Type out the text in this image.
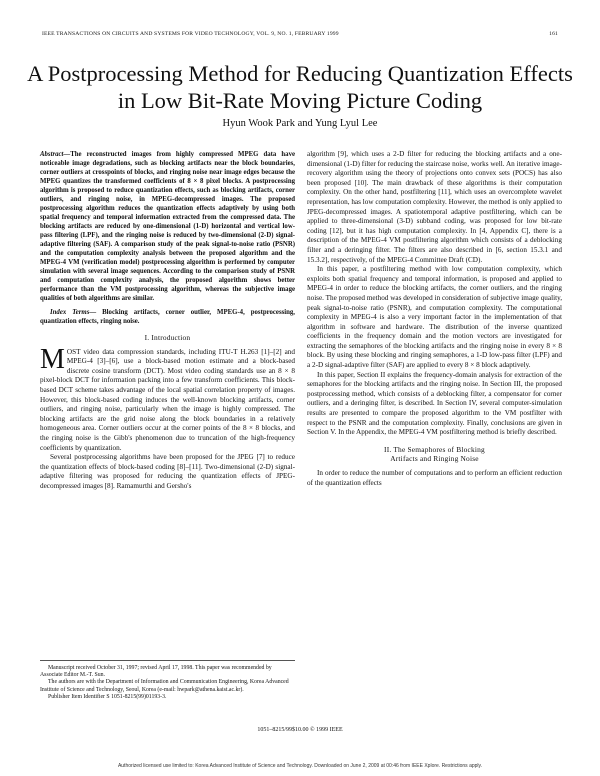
IEEE TRANSACTIONS ON CIRCUITS AND SYSTEMS FOR VIDEO TECHNOLOGY, VOL. 9, NO. 1, FEBRUARY 1999	161
A Postprocessing Method for Reducing Quantization Effects in Low Bit-Rate Moving Picture Coding
Hyun Wook Park and Yung Lyul Lee
Abstract—The reconstructed images from highly compressed MPEG data have noticeable image degradations, such as blocking artifacts near the block boundaries, corner outliers at crosspoints of blocks, and ringing noise near image edges because the MPEG quantizes the transformed coefficients of 8 × 8 pixel blocks. A postprocessing algorithm is proposed to reduce quantization effects, such as blocking artifacts, corner outliers, and ringing noise, in MPEG-decompressed images. The proposed postprocessing algorithm reduces the quantization effects adaptively by using both spatial frequency and temporal information extracted from the compressed data. The blocking artifacts are reduced by one-dimensional (1-D) horizontal and vertical low-pass filtering (LPF), and the ringing noise is reduced by two-dimensional (2-D) signal-adaptive filtering (SAF). A comparison study of the peak signal-to-noise ratio (PSNR) and the computation complexity analysis between the proposed algorithm and the MPEG-4 VM (verification model) postprocessing algorithm is performed by computer simulation with several image sequences. According to the comparison study of PSNR and computation complexity analysis, the proposed algorithm shows better performance than the VM postprocessing algorithm, whereas the subjective image qualities of both algorithms are similar.
Index Terms— Blocking artifacts, corner outlier, MPEG-4, postprocessing, quantization effects, ringing noise.
I. Introduction

MOST video data compression standards, including ITU-T H.263 [1]–[2] and MPEG-4 [3]–[6], use a block-based motion estimate and a block-based discrete cosine transform (DCT). Most video coding standards use an 8 × 8 pixel-block DCT for information packing into a few transform coefficients. This block-based DCT scheme takes advantage of the local spatial correlation property of images. However, this block-based coding induces the well-known blocking artifacts, corner outliers, and ringing noise, particularly when the image is highly compressed. The blocking artifacts are the grid noise along the block boundaries in a relatively homogeneous area. Corner outliers occur at the corner points of the 8 × 8 blocks, and the ringing noise is the Gibb's phenomenon due to truncation of the high-frequency coefficients by quantization.

Several postprocessing algorithms have been proposed for the JPEG [7] to reduce the quantization effects of block-based coding [8]–[11]. Two-dimensional (2-D) signal-adaptive filtering was proposed for reducing the quantization effects of JPEG-decompressed images [8]. Ramamurthi and Gersho's

Manuscript received October 31, 1997; revised April 17, 1998. This paper was recommended by Associate Editor M.-T. Sun.

The authors are with the Department of Information and Communication Engineering, Korea Advanced Institute of Science and Technology, Seoul, Korea (e-mail: hwpark@athena.kaist.ac.kr).

Publisher Item Identifier S 1051-8215(99)01193-3.

algorithm [9], which uses a 2-D filter for reducing the blocking artifacts and a one-dimensional (1-D) filter for reducing the staircase noise, works well. An iterative image-recovery algorithm using the theory of projections onto convex sets (POCS) has also been proposed [10]. The main drawback of these algorithms is their computation complexity. On the other hand, postfiltering [11], which uses an overcomplete wavelet representation, has low computation complexity. However, the method is only applied to JPEG-decompressed images. A spatiotemporal adaptive postfiltering, which can be applied to three-dimensional (3-D) subband coding, was proposed for low bit-rate coding [12], but it has high computation complexity. In [4, Appendix C], there is a description of the MPEG-4 VM postfiltering algorithm which consists of a deblocking filter and a deringing filter. The filters are also described in [6, section 15.3.1 and 15.3.2], respectively, of the MPEG-4 Committee Draft (CD).

In this paper, a postfiltering method with low computation complexity, which exploits both spatial frequency and temporal information, is proposed and applied to MPEG-4 in order to reduce the blocking artifacts, the corner outliers, and the ringing noise. The proposed method was developed in consideration of subjective image quality, peak signal-to-noise ratio (PSNR), and computation complexity. The computational complexity in MPEG-4 is also a very important factor in the implementation of that algorithm in software and hardware. The distribution of the inverse quantized coefficients in the frequency domain and the motion vectors are investigated for extracting the semaphores of the blocking artifacts and the ringing noise in every 8 × 8 block. By using these blocking and ringing semaphores, a 1-D low-pass filter (LPF) and a 2-D signal-adaptive filter (SAF) are applied to every 8 × 8 block adaptively.

In this paper, Section II explains the frequency-domain analysis for extraction of the semaphores for the blocking artifacts and the ringing noise. In Section III, the proposed postprocessing method, which consists of a deblocking filter, a compensator for corner outliers, and a deringing filter, is described. In Section IV, several computer-simulation results are presented to compare the proposed algorithm to the VM postfilter with respect to the PSNR and the computation complexity. Finally, conclusions are given in Section V. In the Appendix, the MPEG-4 VM postfiltering method is briefly described.

II. The Semaphores of Blocking
Artifacts and Ringing Noise

In order to reduce the number of computations and to perform an efficient reduction of the quantization effects

1051–8215/99$10.00 © 1999 IEEE
Authorized licensed use limited to: Korea Advanced Institute of Science and Technology. Downloaded on June 2, 2009 at 00:46 from IEEE Xplore. Restrictions apply.
